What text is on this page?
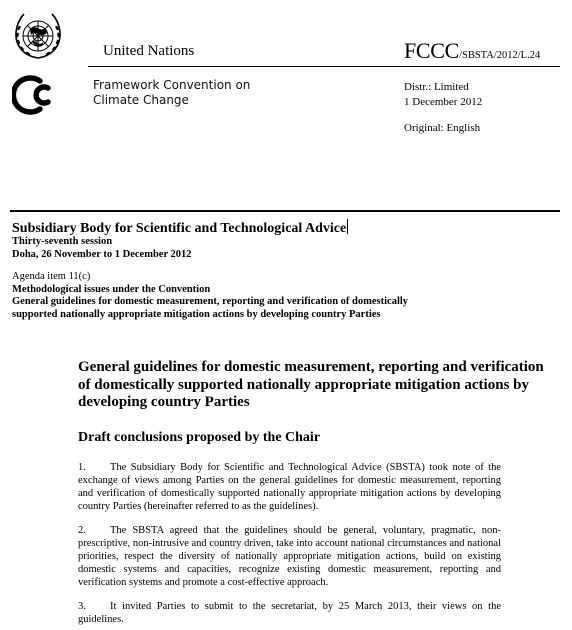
United Nations	FCCC/SBSTA/2012/L.24
Framework Convention on
Climate Change
Distr.: Limited
1 December 2012
Original: English
Subsidiary Body for Scientific and Technological Advice
Thirty-seventh session
Doha, 26 November to 1 December 2012
Agenda item 11(c)
Methodological issues under the Convention
General guidelines for domestic measurement, reporting and verification of domestically supported nationally appropriate mitigation actions by developing country Parties
General guidelines for domestic measurement, reporting and verification of domestically supported nationally appropriate mitigation actions by developing country Parties
Draft conclusions proposed by the Chair
1. The Subsidiary Body for Scientific and Technological Advice (SBSTA) took note of the exchange of views among Parties on the general guidelines for domestic measurement, reporting and verification of domestically supported nationally appropriate mitigation actions by developing country Parties (hereinafter referred to as the guidelines).
2. The SBSTA agreed that the guidelines should be general, voluntary, pragmatic, non-prescriptive, non-intrusive and country driven, take into account national circumstances and national priorities, respect the diversity of nationally appropriate mitigation actions, build on existing domestic systems and capacities, recognize existing domestic measurement, reporting and verification systems and promote a cost-effective approach.
3. It invited Parties to submit to the secretariat, by 25 March 2013, their views on the guidelines.
